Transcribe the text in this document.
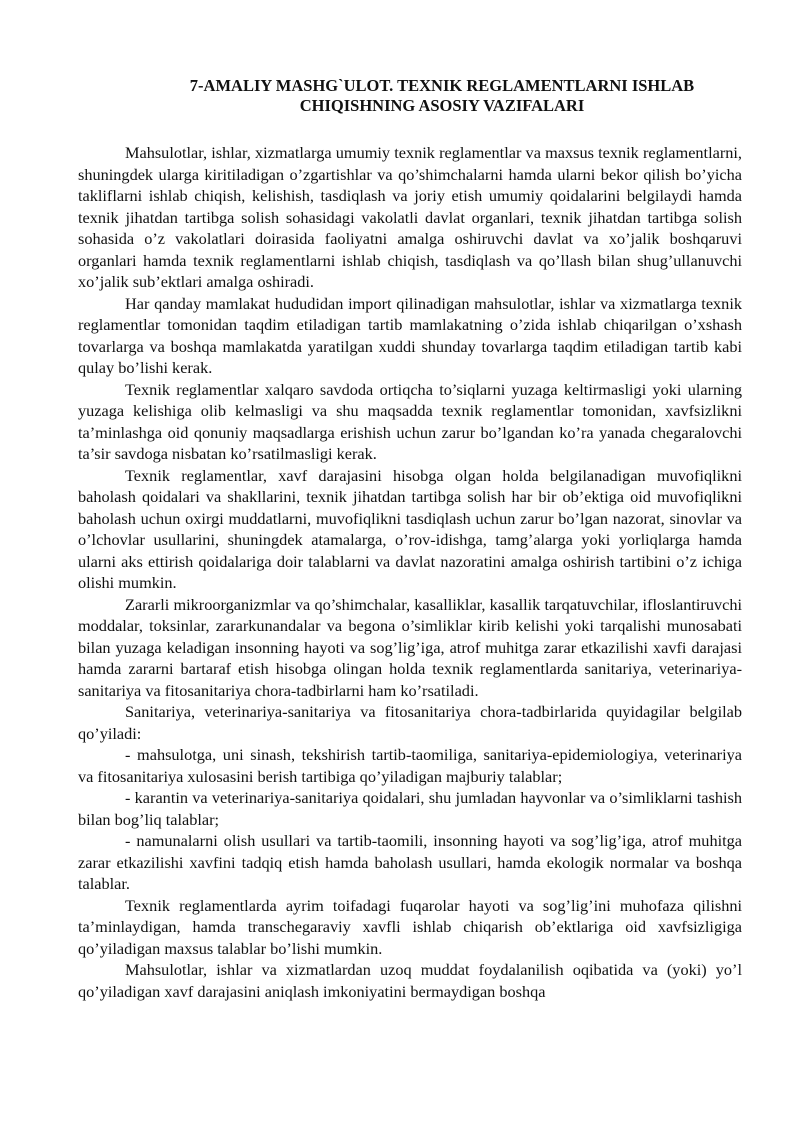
7-AMALIY MASHG`ULOT. TEXNIK REGLAMENTLARNI ISHLAB
CHIQISHNING ASOSIY VAZIFALARI

Mahsulotlar, ishlar, xizmatlarga umumiy texnik reglamentlar va maxsus texnik reglamentlarni, shuningdek ularga kiritiladigan o’zgartishlar va qo’shimchalarni hamda ularni bekor qilish bo’yicha takliflarni ishlab chiqish, kelishish, tasdiqlash va joriy etish umumiy qoidalarini belgilaydi hamda texnik jihatdan tartibga solish sohasidagi vakolatli davlat organlari, texnik jihatdan tartibga solish sohasida o’z vakolatlari doirasida faoliyatni amalga oshiruvchi davlat va xo’jalik boshqaruvi organlari hamda texnik reglamentlarni ishlab chiqish, tasdiqlash va qo’llash bilan shug’ullanuvchi xo’jalik sub’ektlari amalga oshiradi.

Har qanday mamlakat hududidan import qilinadigan mahsulotlar, ishlar va xizmatlarga texnik reglamentlar tomonidan taqdim etiladigan tartib mamlakatning o’zida ishlab chiqarilgan o’xshash tovarlarga va boshqa mamlakatda yaratilgan xuddi shunday tovarlarga taqdim etiladigan tartib kabi qulay bo’lishi kerak.

Texnik reglamentlar xalqaro savdoda ortiqcha to’siqlarni yuzaga keltirmasligi yoki ularning yuzaga kelishiga olib kelmasligi va shu maqsadda texnik reglamentlar tomonidan, xavfsizlikni ta’minlashga oid qonuniy maqsadlarga erishish uchun zarur bo’lgandan ko’ra yanada chegaralovchi ta’sir savdoga nisbatan ko’rsatilmasligi kerak.

Texnik reglamentlar, xavf darajasini hisobga olgan holda belgilanadigan muvofiqlikni baholash qoidalari va shakllarini, texnik jihatdan tartibga solish har bir ob’ektiga oid muvofiqlikni baholash uchun oxirgi muddatlarni, muvofiqlikni tasdiqlash uchun zarur bo’lgan nazorat, sinovlar va o’lchovlar usullarini, shuningdek atamalarga, o’rov-idishga, tamg’alarga yoki yorliqlarga hamda ularni aks ettirish qoidalariga doir talablarni va davlat nazoratini amalga oshirish tartibini o’z ichiga olishi mumkin.

Zararli mikroorganizmlar va qo’shimchalar, kasalliklar, kasallik tarqatuvchilar, ifloslantiruvchi moddalar, toksinlar, zararkunandalar va begona o’simliklar kirib kelishi yoki tarqalishi munosabati bilan yuzaga keladigan insonning hayoti va sog’lig’iga, atrof muhitga zarar etkazilishi xavfi darajasi hamda zararni bartaraf etish hisobga olingan holda texnik reglamentlarda sanitariya, veterinariya-sanitariya va fitosanitariya chora-tadbirlarni ham ko’rsatiladi.

Sanitariya, veterinariya-sanitariya va fitosanitariya chora-tadbirlarida quyidagilar belgilab qo’yiladi:

- mahsulotga, uni sinash, tekshirish tartib-taomiliga, sanitariya-epidemiologiya, veterinariya va fitosanitariya xulosasini berish tartibiga qo’yiladigan majburiy talablar;

- karantin va veterinariya-sanitariya qoidalari, shu jumladan hayvonlar va o’simliklarni tashish bilan bog’liq talablar;

- namunalarni olish usullari va tartib-taomili, insonning hayoti va sog’lig’iga, atrof muhitga zarar etkazilishi xavfini tadqiq etish hamda baholash usullari, hamda ekologik normalar va boshqa talablar.

Texnik reglamentlarda ayrim toifadagi fuqarolar hayoti va sog’lig’ini muhofaza qilishni ta’minlaydigan, hamda transchegaraviy xavfli ishlab chiqarish ob’ektlariga oid xavfsizligiga qo’yiladigan maxsus talablar bo’lishi mumkin.

Mahsulotlar, ishlar va xizmatlardan uzoq muddat foydalanilish oqibatida va (yoki) yo’l qo’yiladigan xavf darajasini aniqlash imkoniyatini bermaydigan boshqa
